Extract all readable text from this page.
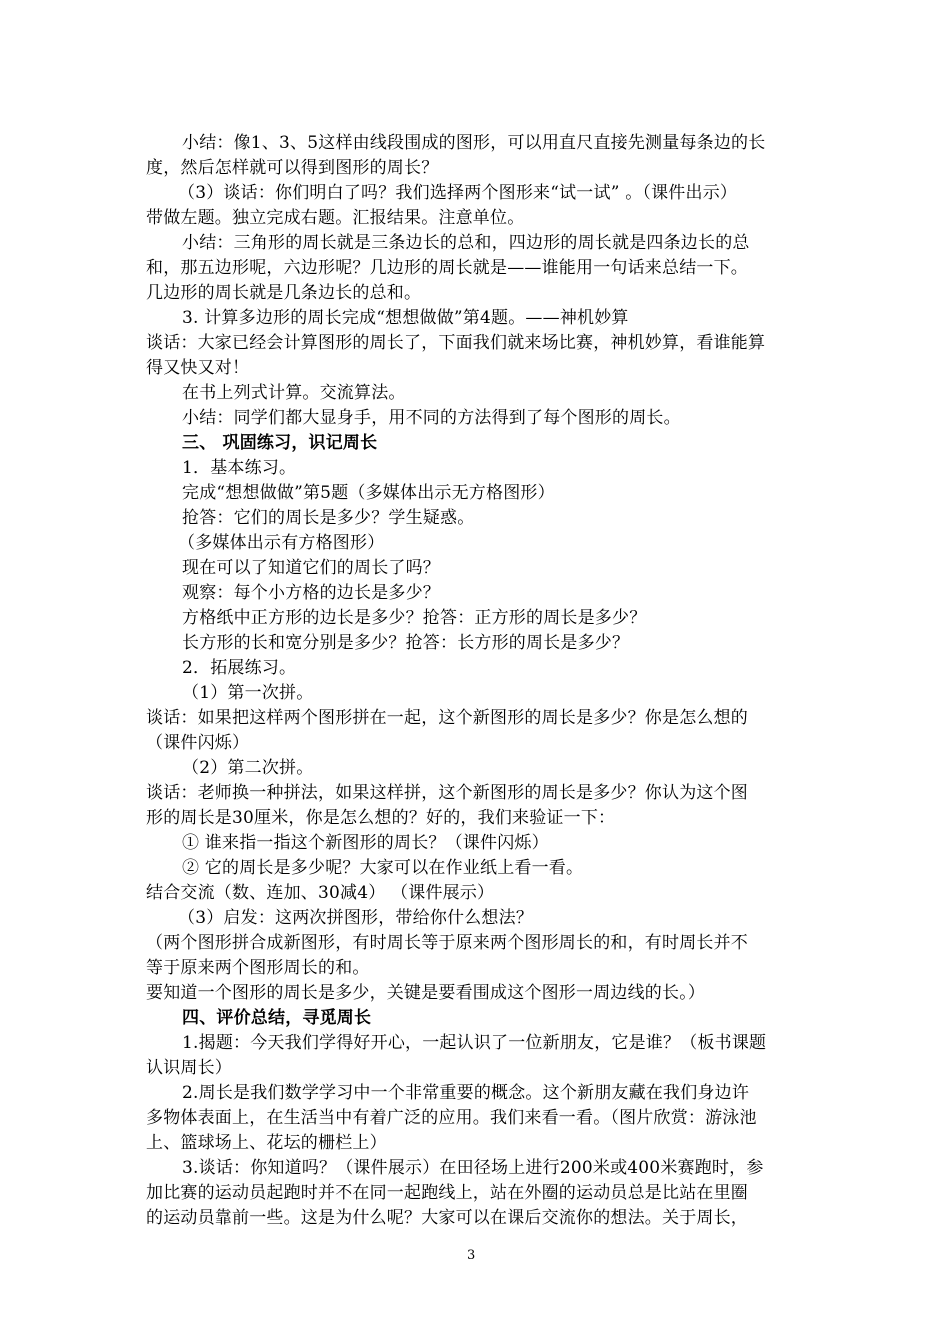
小结：像1、3、5这样由线段围成的图形，可以用直尺直接先测量每条边的长
度，然后怎样就可以得到图形的周长？
（3）谈话：你们明白了吗？我们选择两个图形来“试一试” 。（课件出示）
带做左题。独立完成右题。汇报结果。注意单位。
小结：三角形的周长就是三条边长的总和，四边形的周长就是四条边长的总
和，那五边形呢，六边形呢？几边形的周长就是——谁能用一句话来总结一下。
几边形的周长就是几条边长的总和。
3. 计算多边形的周长完成“想想做做”第4题。——神机妙算
谈话：大家已经会计算图形的周长了，下面我们就来场比赛，神机妙算，看谁能算
得又快又对！
在书上列式计算。交流算法。
小结：同学们都大显身手，用不同的方法得到了每个图形的周长。
三、 巩固练习，识记周长
1．基本练习。
完成“想想做做”第5题（多媒体出示无方格图形）
抢答：它们的周长是多少？学生疑惑。
（多媒体出示有方格图形）
现在可以了知道它们的周长了吗？
观察：每个小方格的边长是多少？
方格纸中正方形的边长是多少？抢答：正方形的周长是多少？
长方形的长和宽分别是多少？抢答：长方形的周长是多少？
2．拓展练习。
（1）第一次拼。
谈话：如果把这样两个图形拼在一起，这个新图形的周长是多少？你是怎么想的
（课件闪烁）
（2）第二次拼。
谈话：老师换一种拼法，如果这样拼，这个新图形的周长是多少？你认为这个图
形的周长是30厘米，你是怎么想的？好的，我们来验证一下：
① 谁来指一指这个新图形的周长？（课件闪烁）
② 它的周长是多少呢？大家可以在作业纸上看一看。
结合交流（数、连加、30减4） （课件展示）
（3）启发：这两次拼图形，带给你什么想法？
（两个图形拼合成新图形，有时周长等于原来两个图形周长的和，有时周长并不
等于原来两个图形周长的和。
要知道一个图形的周长是多少，关键是要看围成这个图形一周边线的长。）
四、评价总结，寻觅周长
1.揭题：今天我们学得好开心，一起认识了一位新朋友，它是谁？（板书课题
认识周长）
2.周长是我们数学学习中一个非常重要的概念。这个新朋友藏在我们身边许
多物体表面上，在生活当中有着广泛的应用。我们来看一看。（图片欣赏：游泳池
上、篮球场上、花坛的栅栏上）
3.谈话：你知道吗？（课件展示）在田径场上进行200米或400米赛跑时，参
加比赛的运动员起跑时并不在同一起跑线上，站在外圈的运动员总是比站在里圈
的运动员靠前一些。这是为什么呢？大家可以在课后交流你的想法。关于周长，
3
